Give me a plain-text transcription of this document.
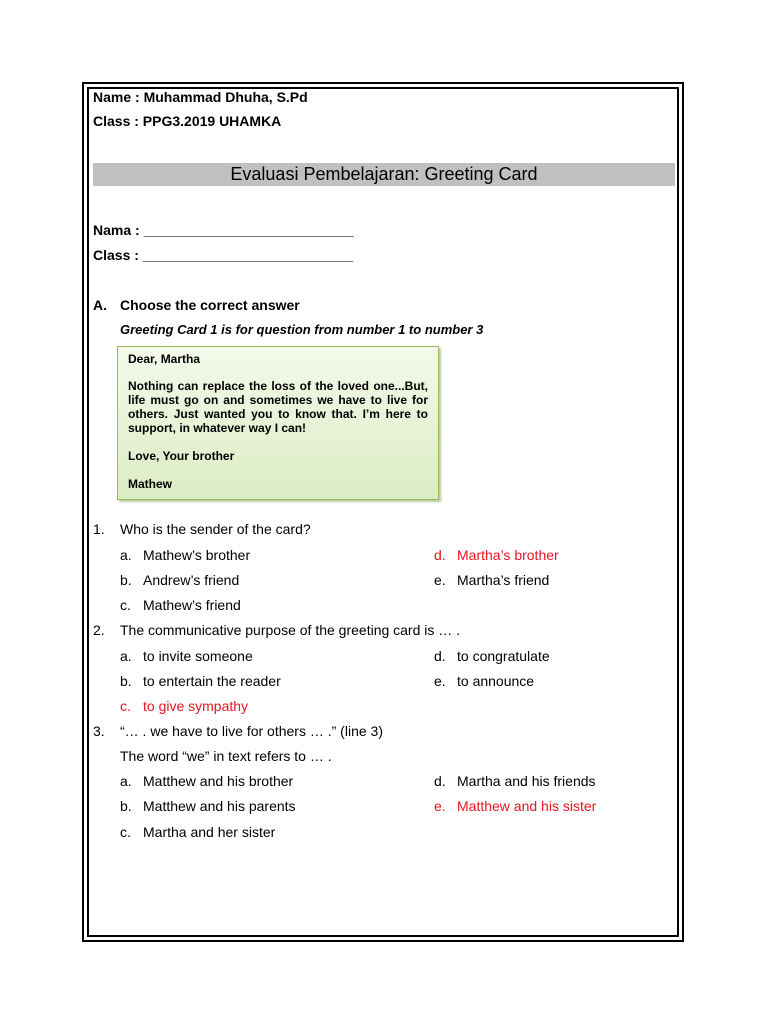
Name : Muhammad Dhuha, S.Pd
Class : PPG3.2019 UHAMKA
Evaluasi Pembelajaran: Greeting Card
Nama : ___________________________
Class : ___________________________
A. Choose the correct answer
Greeting Card 1 is for question from number 1 to number 3
Dear, Martha
Nothing can replace the loss of the loved one...But, life must go on and sometimes we have to live for others. Just wanted you to know that. I’m here to support, in whatever way I can!
Love, Your brother
Mathew
1. Who is the sender of the card?
a. Mathew’s brother
b. Andrew’s friend
c. Mathew’s friend
d. Martha’s brother
e. Martha’s friend
2. The communicative purpose of the greeting card is … .
a. to invite someone
b. to entertain the reader
c. to give sympathy
d. to congratulate
e. to announce
3. “… . we have to live for others … .” (line 3)
The word “we” in text refers to … .
a. Matthew and his brother
b. Matthew and his parents
c. Martha and her sister
d. Martha and his friends
e. Matthew and his sister
